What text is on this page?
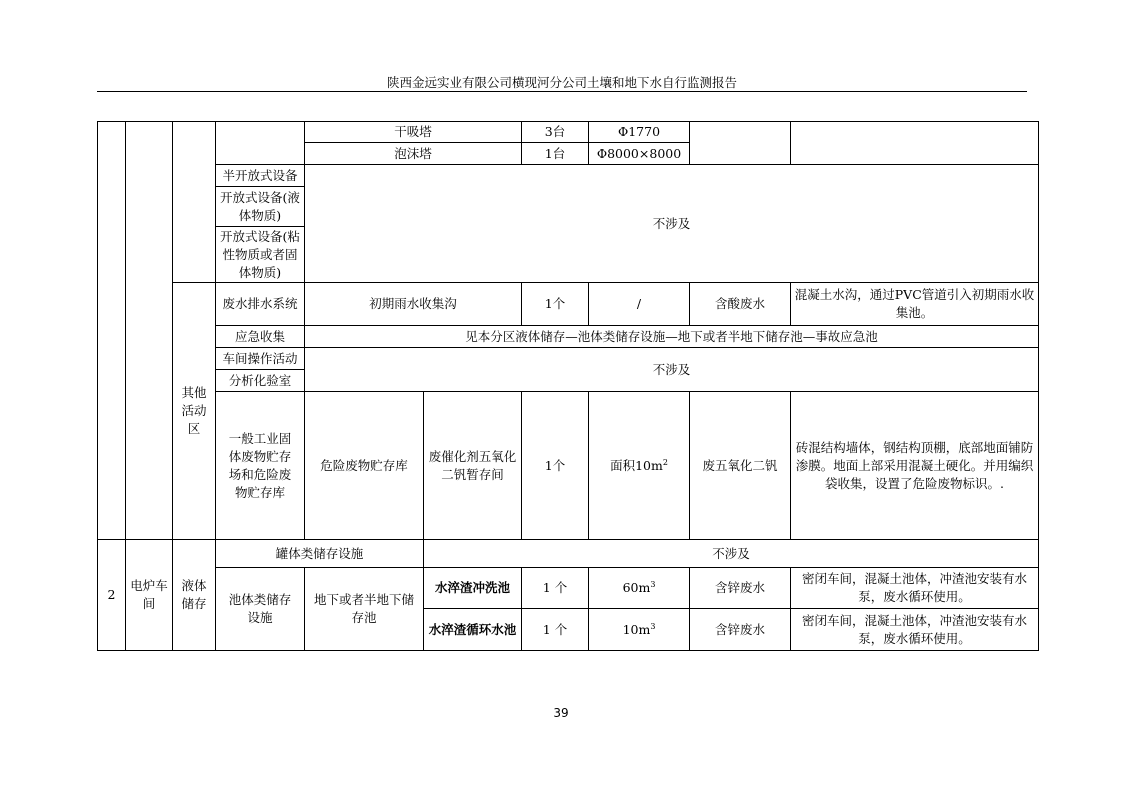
陕西金远实业有限公司横现河分公司土壤和地下水自行监测报告
				干吸塔		3台	Φ1770		
				泡沫塔		1台	Φ8000×8000		
			半开放式设备	不涉及					
			开放式设备(液体物质)						
			开放式设备(粘性物质或者固体物质)						
		其他活动区	废水排水系统	初期雨水收集沟		1个	/	含酸废水	混凝土水沟，通过PVC管道引入初期雨水收集池。
			应急收集	见本分区液体储存—池体类储存设施—地下或者半地下储存池—事故应急池					
			车间操作活动	不涉及					
			分析化验室						
			一般工业固体废物贮存场和危险废物贮存库	危险废物贮存库	废催化剂五氧化二钒暂存间	1个	面积$10m^2$	废五氧化二钒	砖混结构墙体，钢结构顶棚，底部地面铺防渗膜。地面上部采用混凝土硬化。并用编织袋收集，设置了危险废物标识。.
2	电炉车间	液体储存	罐体类储存设施		不涉及				
			池体类储存设施	地下或者半地下储存池	水淬渣冲洗池	1 个	$60m^3$	含锌废水	密闭车间，混凝土池体，冲渣池安装有水泵，废水循环使用。
					水淬渣循环水池	1 个	$10m^3$	含锌废水	密闭车间，混凝土池体，冲渣池安装有水泵，废水循环使用。
39
